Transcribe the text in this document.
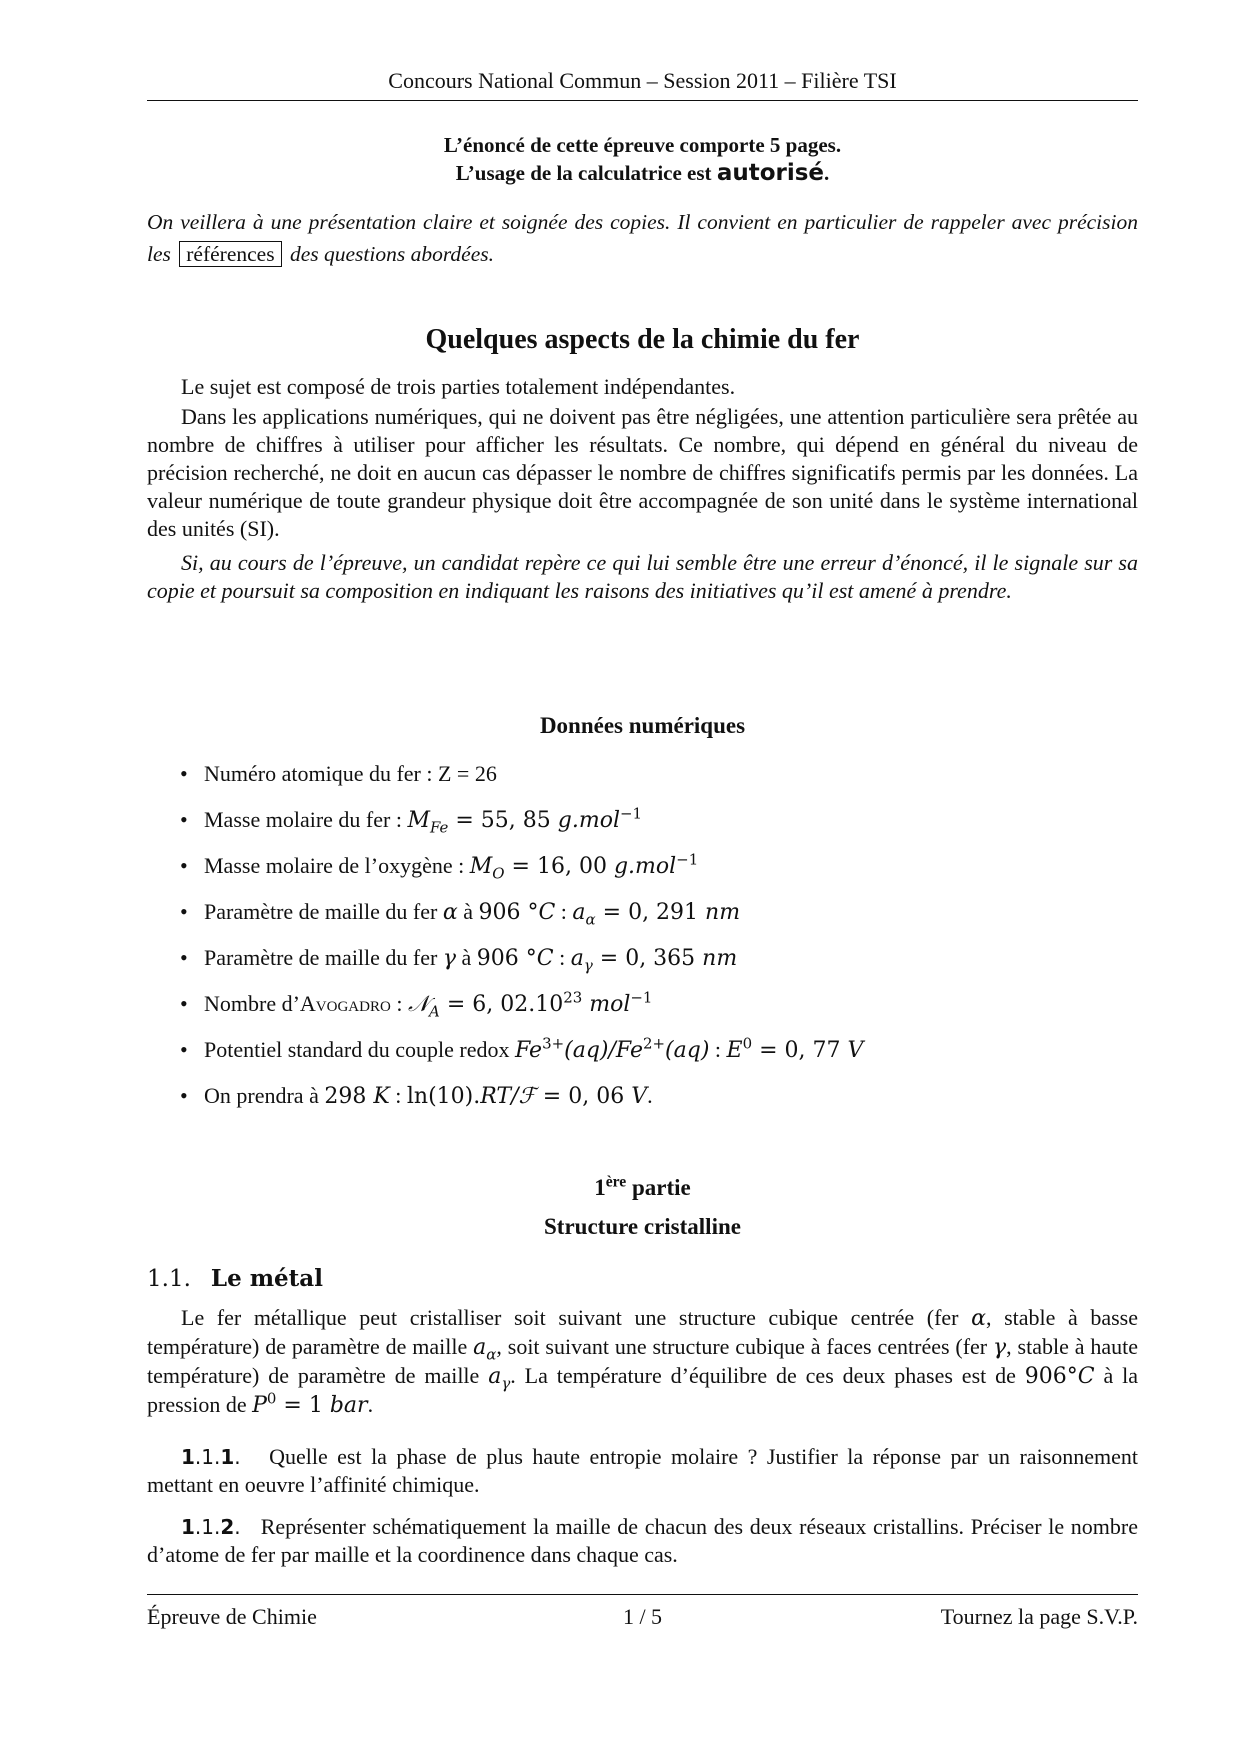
Concours National Commun – Session 2011 – Filière TSI
L’énoncé de cette épreuve comporte 5 pages.
L’usage de la calculatrice est autorisé.
On veillera à une présentation claire et soignée des copies. Il convient en particulier de rappeler avec précision les références des questions abordées.
Quelques aspects de la chimie du fer
Le sujet est composé de trois parties totalement indépendantes.
Dans les applications numériques, qui ne doivent pas être négligées, une attention particulière sera prêtée au nombre de chiffres à utiliser pour afficher les résultats. Ce nombre, qui dépend en général du niveau de précision recherché, ne doit en aucun cas dépasser le nombre de chiffres significatifs permis par les données. La valeur numérique de toute grandeur physique doit être accompagnée de son unité dans le système international des unités (SI).
Si, au cours de l’épreuve, un candidat repère ce qui lui semble être une erreur d’énoncé, il le signale sur sa copie et poursuit sa composition en indiquant les raisons des initiatives qu’il est amené à prendre.
Données numériques
• Numéro atomique du fer : Z = 26
• Masse molaire du fer : $M_{Fe} = 55$, 85 g.mol$^{-1}$
• Masse molaire de l’oxygène : $M_O = 16$, 00 g.mol$^{-1}$
• Paramètre de maille du fer α à 906 °C : $a_\alpha = 0$, 291 nm
• Paramètre de maille du fer γ à 906 °C : $a_\gamma = 0$, 365 nm
• Nombre d’Avogadro : 𝒩$_A$ = 6, 02.10$^{23}$ mol$^{-1}$
• Potentiel standard du couple redox $Fe^{3+}(aq)/Fe^{2+}(aq)$ : $E^0 = 0$, 77 V
• On prendra à 298 K : ln(10).RT/ℱ = 0, 06 V.
1ère partie
Structure cristalline
1.1. Le métal
Le fer métallique peut cristalliser soit suivant une structure cubique centrée (fer α, stable à basse température) de paramètre de maille $a_\alpha$, soit suivant une structure cubique à faces centrées (fer γ, stable à haute température) de paramètre de maille $a_\gamma$. La température d’équilibre de ces deux phases est de 906°C à la pression de $P^0 = 1$ bar.
1.1.1. Quelle est la phase de plus haute entropie molaire ? Justifier la réponse par un raisonnement mettant en oeuvre l’affinité chimique.
1.1.2. Représenter schématiquement la maille de chacun des deux réseaux cristallins. Préciser le nombre d’atome de fer par maille et la coordinence dans chaque cas.
Épreuve de Chimie	1 / 5	Tournez la page S.V.P.
